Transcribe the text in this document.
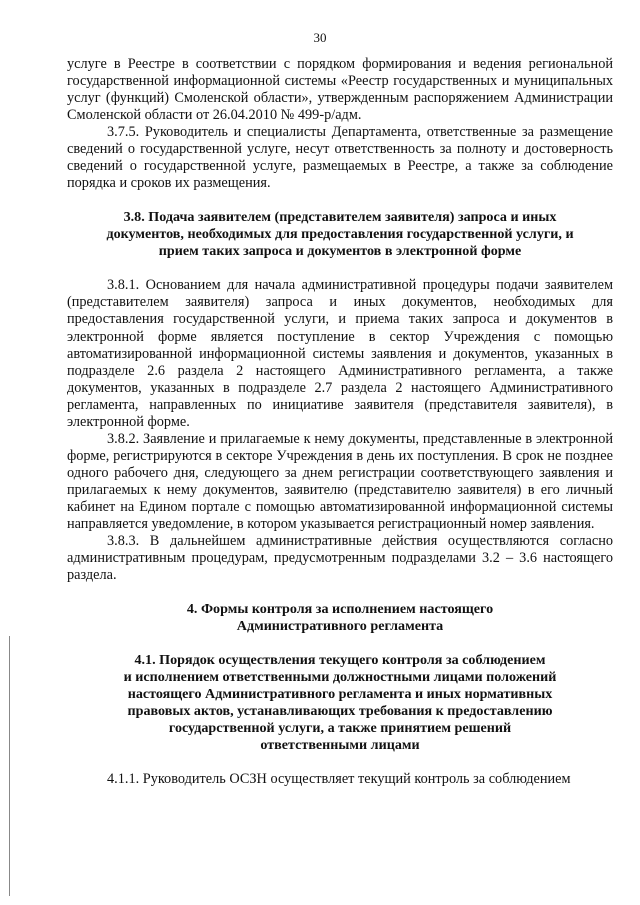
30

услуге в Реестре в соответствии с порядком формирования и ведения региональной государственной информационной системы «Реестр государственных и муниципальных услуг (функций) Смоленской области», утвержденным распоряжением Администрации Смоленской области от 26.04.2010 № 499-р/адм.

3.7.5. Руководитель и специалисты Департамента, ответственные за размещение сведений о государственной услуге, несут ответственность за полноту и достоверность сведений о государственной услуге, размещаемых в Реестре, а также за соблюдение порядка и сроков их размещения.

3.8. Подача заявителем (представителем заявителя) запроса и иных
документов, необходимых для предоставления государственной услуги, и
прием таких запроса и документов в электронной форме

3.8.1. Основанием для начала административной процедуры подачи заявителем (представителем заявителя) запроса и иных документов, необходимых для предоставления государственной услуги, и приема таких запроса и документов в электронной форме является поступление в сектор Учреждения с помощью автоматизированной информационной системы заявления и документов, указанных в подразделе 2.6 раздела 2 настоящего Административного регламента, а также документов, указанных в подразделе 2.7 раздела 2 настоящего Административного регламента, направленных по инициативе заявителя (представителя заявителя), в электронной форме.

3.8.2. Заявление и прилагаемые к нему документы, представленные в электронной форме, регистрируются в секторе Учреждения в день их поступления. В срок не позднее одного рабочего дня, следующего за днем регистрации соответствующего заявления и прилагаемых к нему документов, заявителю (представителю заявителя) в его личный кабинет на Едином портале с помощью автоматизированной информационной системы направляется уведомление, в котором указывается регистрационный номер заявления.

3.8.3. В дальнейшем административные действия осуществляются согласно административным процедурам, предусмотренным подразделами 3.2 – 3.6 настоящего раздела.

4. Формы контроля за исполнением настоящего
Административного регламента

4.1. Порядок осуществления текущего контроля за соблюдением
и исполнением ответственными должностными лицами положений
настоящего Административного регламента и иных нормативных
правовых актов, устанавливающих требования к предоставлению
государственной услуги, а также принятием решений
ответственными лицами

4.1.1. Руководитель ОСЗН осуществляет текущий контроль за соблюдением
